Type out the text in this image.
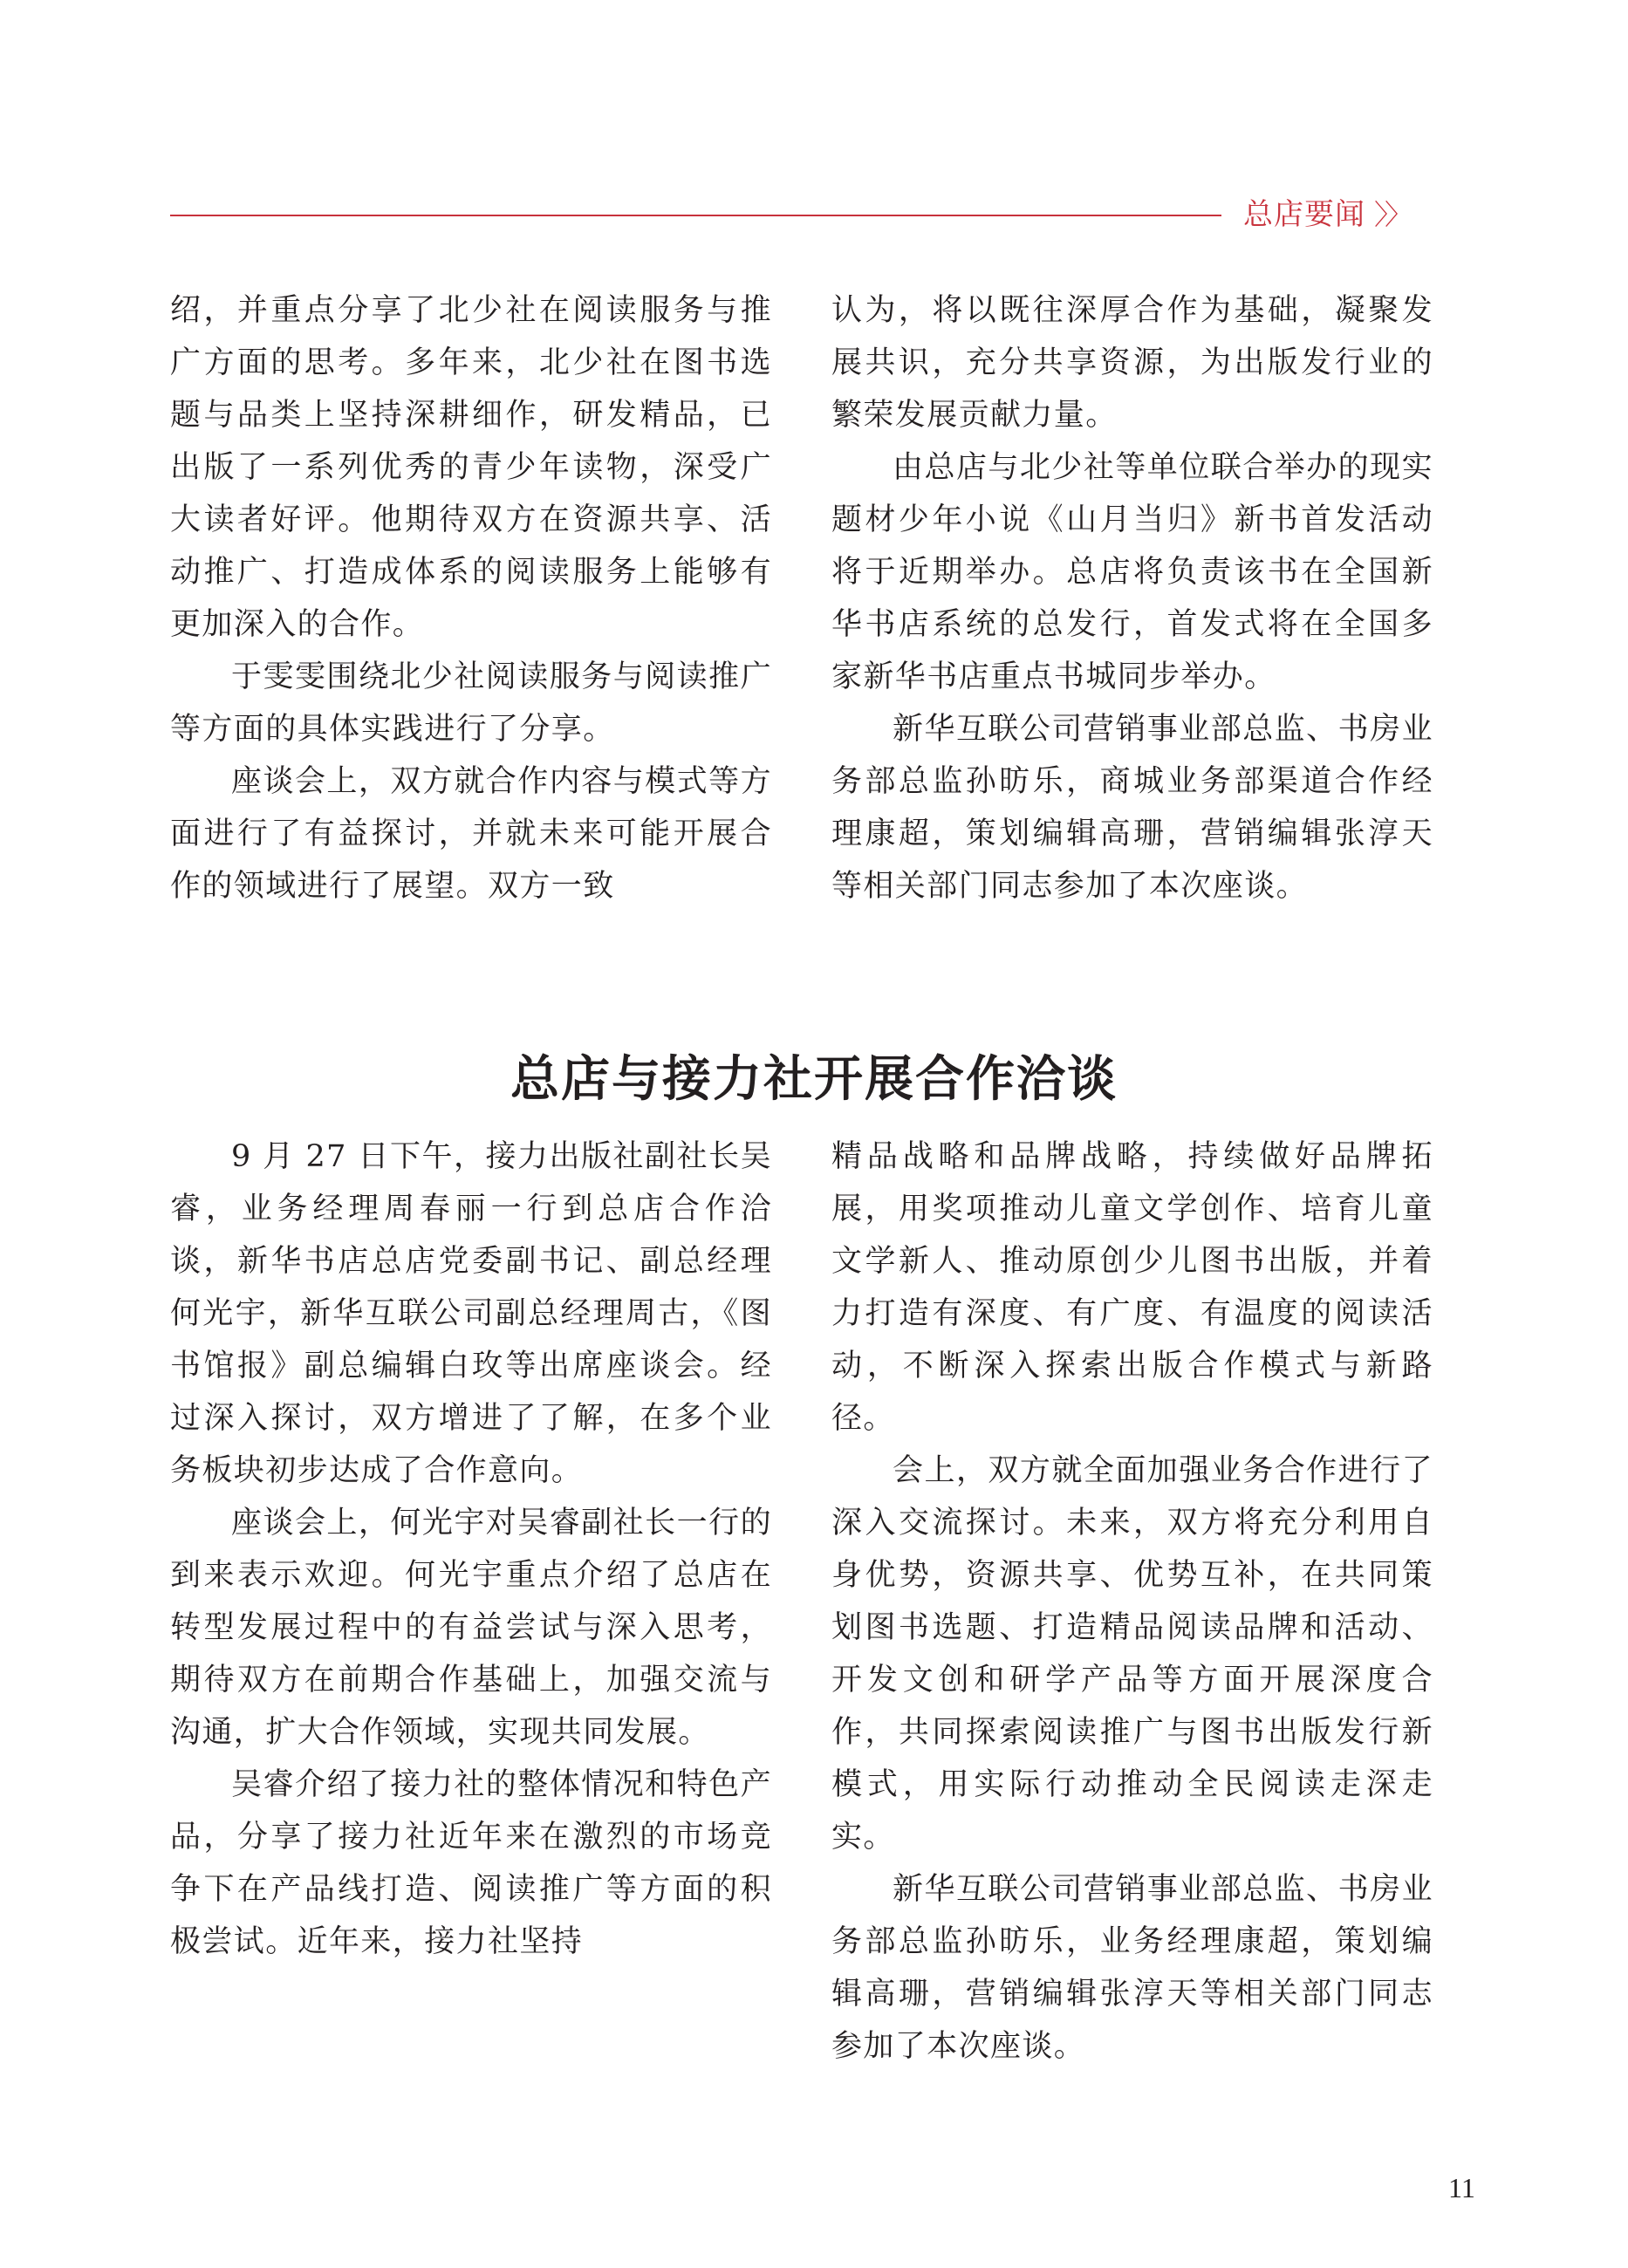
总店要闻 〉〉

绍，并重点分享了北少社在阅读服务与推广方面的思考。多年来，北少社在图书选题与品类上坚持深耕细作，研发精品，已出版了一系列优秀的青少年读物，深受广大读者好评。他期待双方在资源共享、活动推广、打造成体系的阅读服务上能够有更加深入的合作。

于雯雯围绕北少社阅读服务与阅读推广等方面的具体实践进行了分享。

座谈会上，双方就合作内容与模式等方面进行了有益探讨，并就未来可能开展合作的领域进行了展望。双方一致

认为，将以既往深厚合作为基础，凝聚发展共识，充分共享资源，为出版发行业的繁荣发展贡献力量。

由总店与北少社等单位联合举办的现实题材少年小说《山月当归》新书首发活动将于近期举办。总店将负责该书在全国新华书店系统的总发行，首发式将在全国多家新华书店重点书城同步举办。

新华互联公司营销事业部总监、书房业务部总监孙昉乐，商城业务部渠道合作经理康超，策划编辑高珊，营销编辑张淳天等相关部门同志参加了本次座谈。

总店与接力社开展合作洽谈

9 月 27 日下午，接力出版社副社长吴睿，业务经理周春丽一行到总店合作洽谈，新华书店总店党委副书记、副总经理何光宇，新华互联公司副总经理周古，《图书馆报》副总编辑白玫等出席座谈会。经过深入探讨，双方增进了了解，在多个业务板块初步达成了合作意向。

座谈会上，何光宇对吴睿副社长一行的到来表示欢迎。何光宇重点介绍了总店在转型发展过程中的有益尝试与深入思考，期待双方在前期合作基础上，加强交流与沟通，扩大合作领域，实现共同发展。

吴睿介绍了接力社的整体情况和特色产品，分享了接力社近年来在激烈的市场竞争下在产品线打造、阅读推广等方面的积极尝试。近年来，接力社坚持

精品战略和品牌战略，持续做好品牌拓展，用奖项推动儿童文学创作、培育儿童文学新人、推动原创少儿图书出版，并着力打造有深度、有广度、有温度的阅读活动，不断深入探索出版合作模式与新路径。

会上，双方就全面加强业务合作进行了深入交流探讨。未来，双方将充分利用自身优势，资源共享、优势互补，在共同策划图书选题、打造精品阅读品牌和活动、开发文创和研学产品等方面开展深度合作，共同探索阅读推广与图书出版发行新模式，用实际行动推动全民阅读走深走实。

新华互联公司营销事业部总监、书房业务部总监孙昉乐，业务经理康超，策划编辑高珊，营销编辑张淳天等相关部门同志参加了本次座谈。

11
